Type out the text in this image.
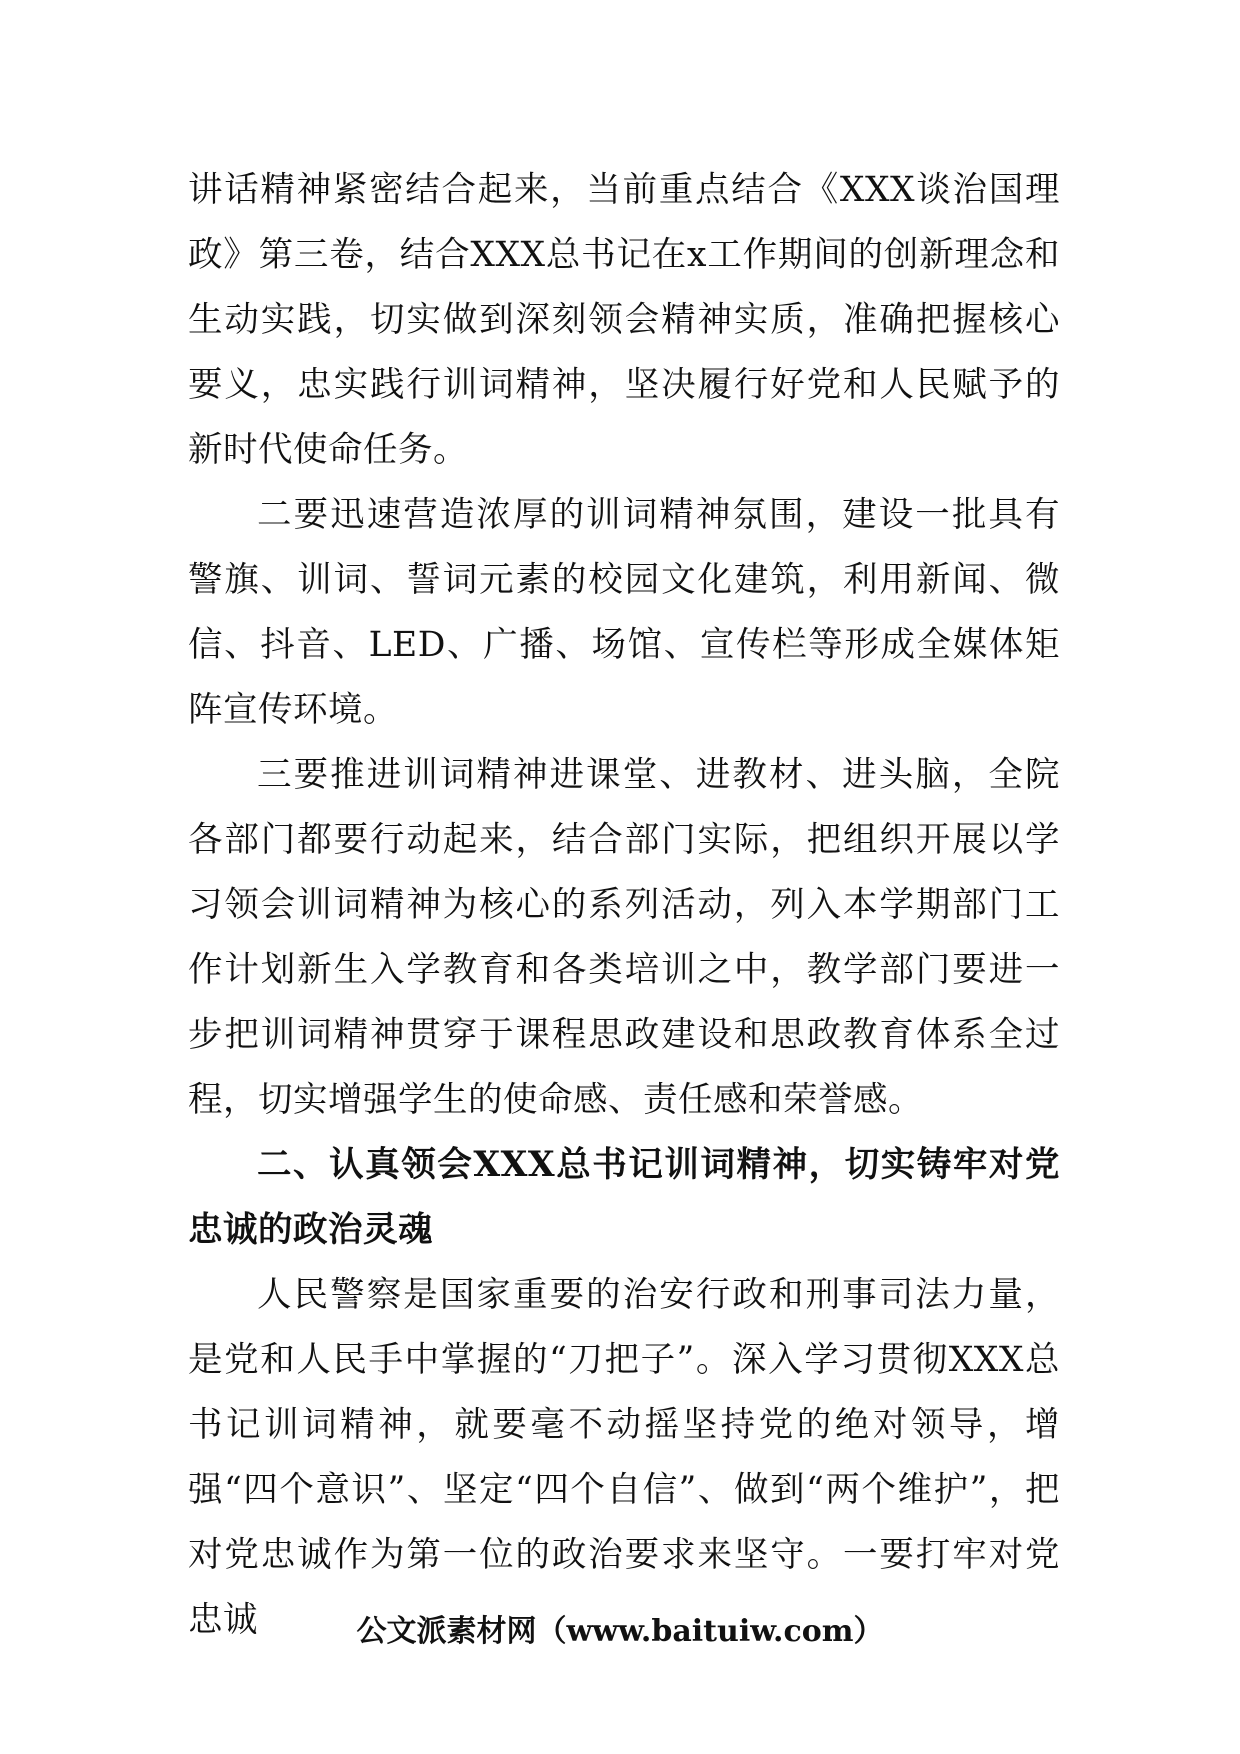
讲话精神紧密结合起来，当前重点结合《XXX谈治国理政》第三卷，结合XXX总书记在x工作期间的创新理念和生动实践，切实做到深刻领会精神实质，准确把握核心要义，忠实践行训词精神，坚决履行好党和人民赋予的新时代使命任务。

二要迅速营造浓厚的训词精神氛围，建设一批具有警旗、训词、誓词元素的校园文化建筑，利用新闻、微信、抖音、LED、广播、场馆、宣传栏等形成全媒体矩阵宣传环境。

三要推进训词精神进课堂、进教材、进头脑，全院各部门都要行动起来，结合部门实际，把组织开展以学习领会训词精神为核心的系列活动，列入本学期部门工作计划新生入学教育和各类培训之中，教学部门要进一步把训词精神贯穿于课程思政建设和思政教育体系全过程，切实增强学生的使命感、责任感和荣誉感。

二、认真领会XXX总书记训词精神，切实铸牢对党忠诚的政治灵魂

人民警察是国家重要的治安行政和刑事司法力量，是党和人民手中掌握的“刀把子”。深入学习贯彻XXX总书记训词精神，就要毫不动摇坚持党的绝对领导，增强“四个意识”、坚定“四个自信”、做到“两个维护”，把对党忠诚作为第一位的政治要求来坚守。一要打牢对党忠诚	公文派素材网（www.baituiw.com）
